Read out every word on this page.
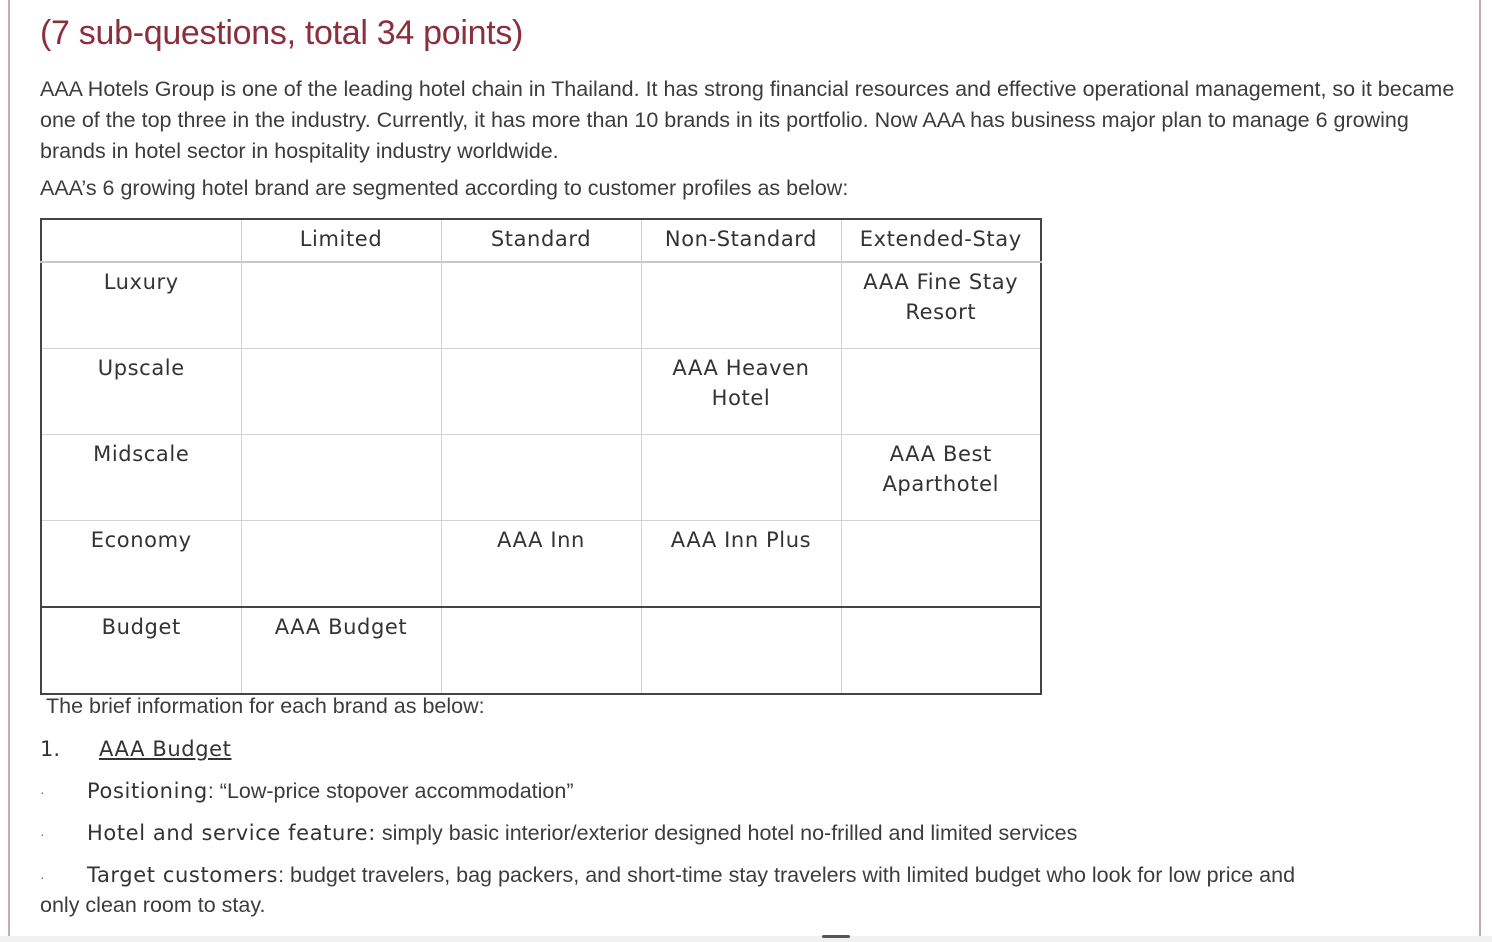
(7 sub-questions, total 34 points)
AAA Hotels Group is one of the leading hotel chain in Thailand. It has strong financial resources and effective operational management, so it became one of the top three in the industry. Currently, it has more than 10 brands in its portfolio. Now AAA has business major plan to manage 6 growing brands in hotel sector in hospitality industry worldwide.
AAA’s 6 growing hotel brand are segmented according to customer profiles as below:
	Limited	Standard	Non-Standard	Extended-Stay
Luxury				AAA Fine Stay Resort
Upscale			AAA Heaven Hotel	
Midscale				AAA Best Aparthotel
Economy		AAA Inn	AAA Inn Plus	
Budget	AAA Budget			
The brief information for each brand as below:
1. AAA Budget
· Positioning: “Low-price stopover accommodation”
· Hotel and service feature: simply basic interior/exterior designed hotel no-frilled and limited services
· Target customers: budget travelers, bag packers, and short-time stay travelers with limited budget who look for low price and
only clean room to stay.
